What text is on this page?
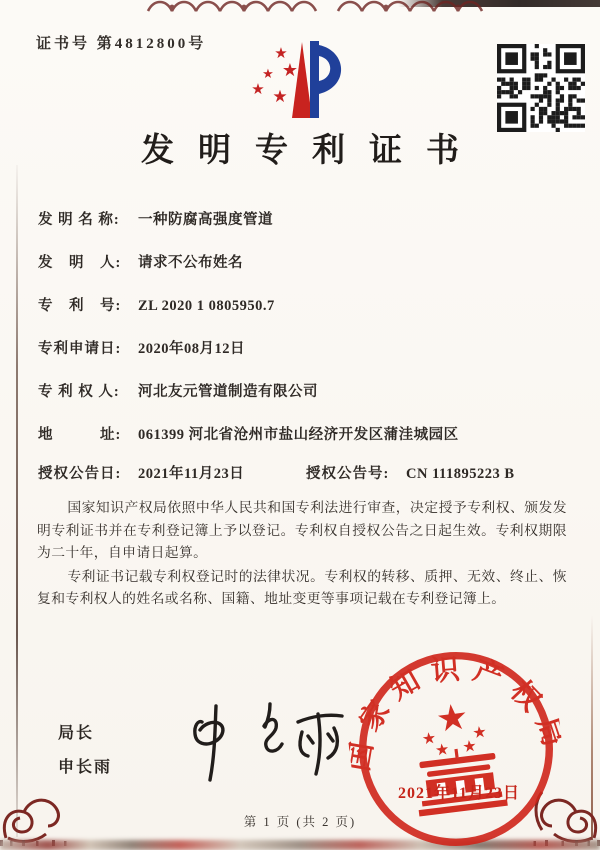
证书号 第4812800号	★
★
★
★ ★
发明专利证书
发 明 名 称:	一种防腐高强度管道
发　明　人:	请求不公布姓名
专　利　号:	ZL 2020 1 0805950.7
专利申请日:	2020年08月12日
专 利 权 人:	河北友元管道制造有限公司
地　　　址:	061399 河北省沧州市盐山经济开发区蒲洼城园区
授权公告日:	2021年11月23日	授权公告号:	CN 111895223 B

国家知识产权局依照中华人民共和国专利法进行审查，决定授予专利权、颁发发明专利证书并在专利登记簿上予以登记。专利权自授权公告之日起生效。专利权期限为二十年，自申请日起算。

专利证书记载专利权登记时的法律状况。专利权的转移、质押、无效、终止、恢复和专利权人的姓名或名称、国籍、地址变更等事项记载在专利登记簿上。

局长
申长雨	国家知识产权局
★
★ ★
★ ★
2021年11月23日
第 1 页 (共 2 页)
